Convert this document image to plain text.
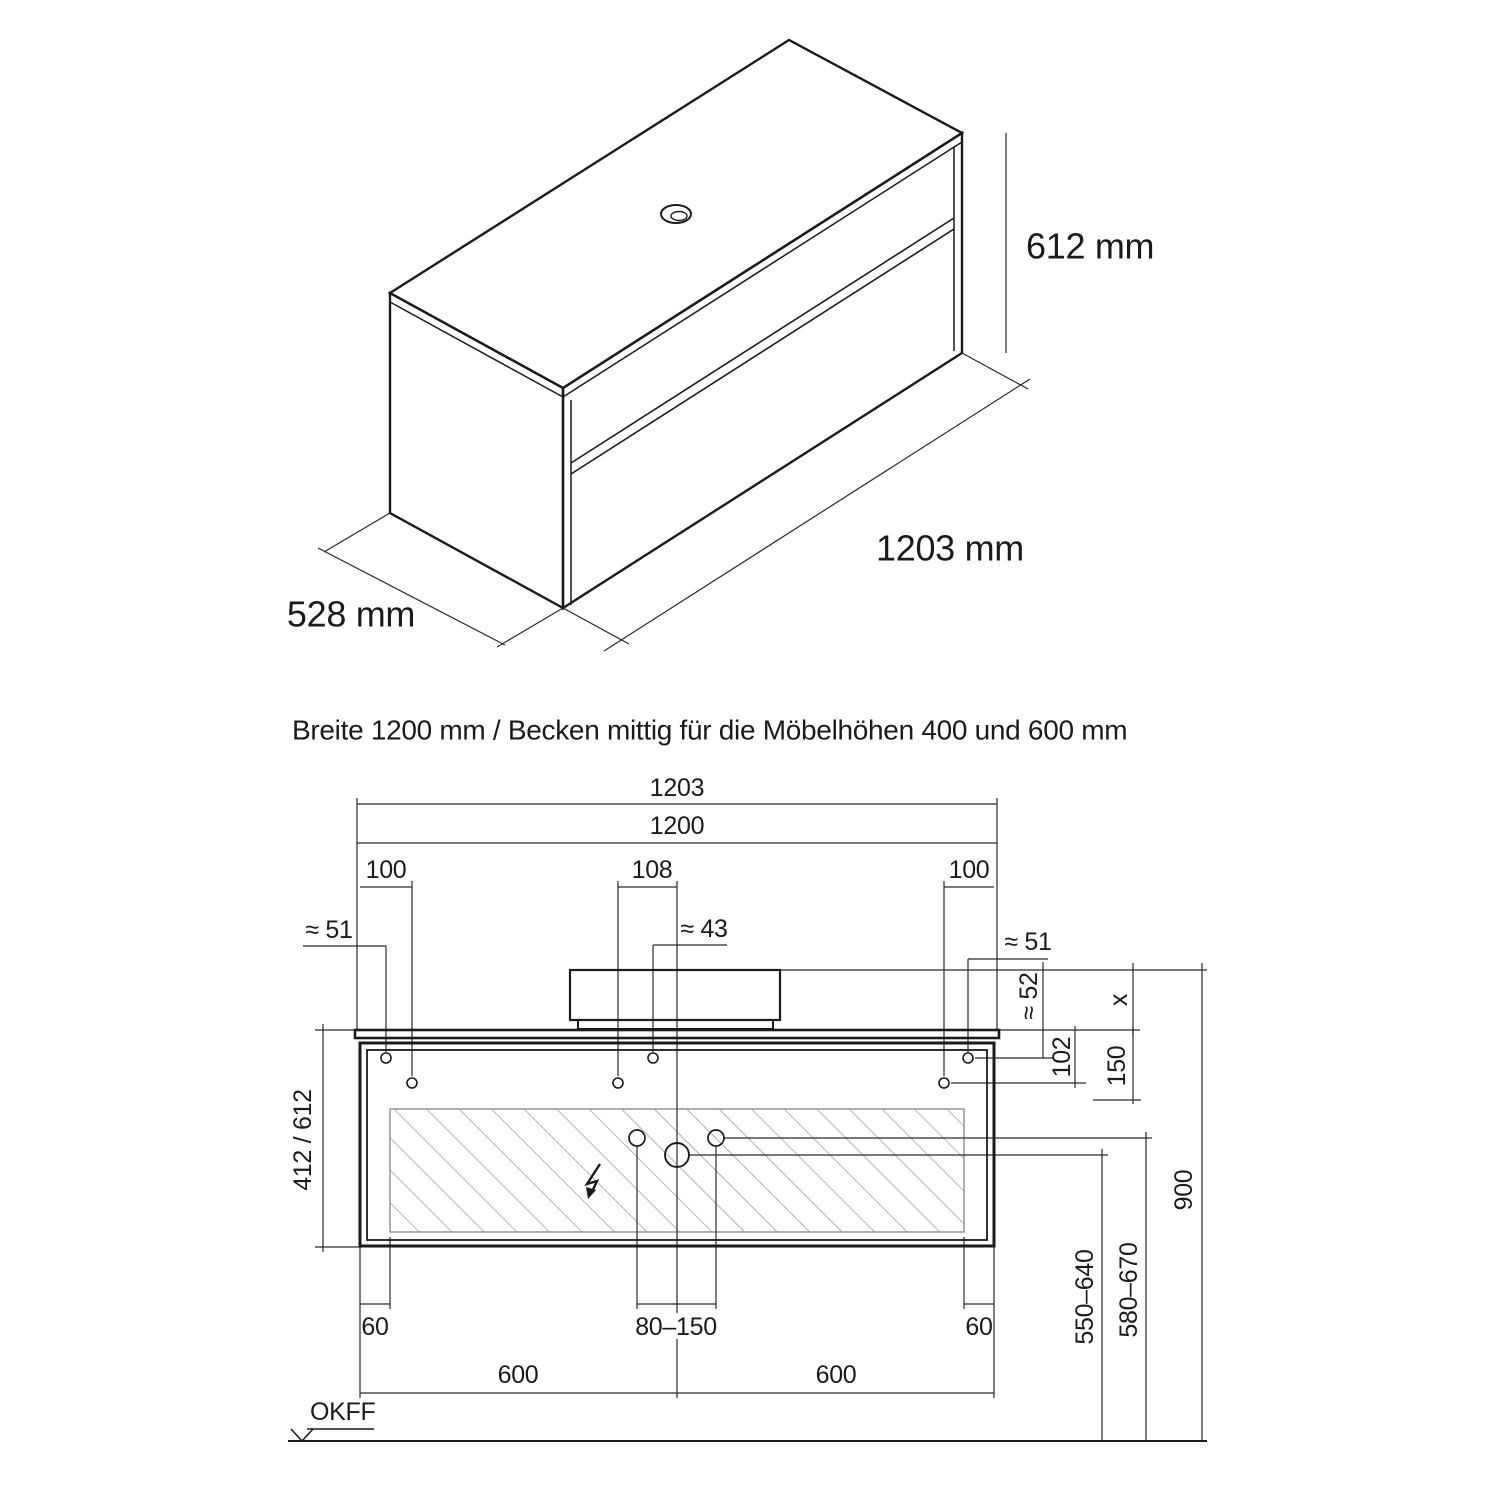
612 mm
1203 mm
528 mm
Breite 1200 mm / Becken mittig für die Möbelhöhen 400 und 600 mm
1203
1200
100	108	100
≈ 51	≈ 43	≈ 51
60	80–150	60
600	600
OKFF
≈ 52 x
102 150
412 / 612
550–640 580–670
900
